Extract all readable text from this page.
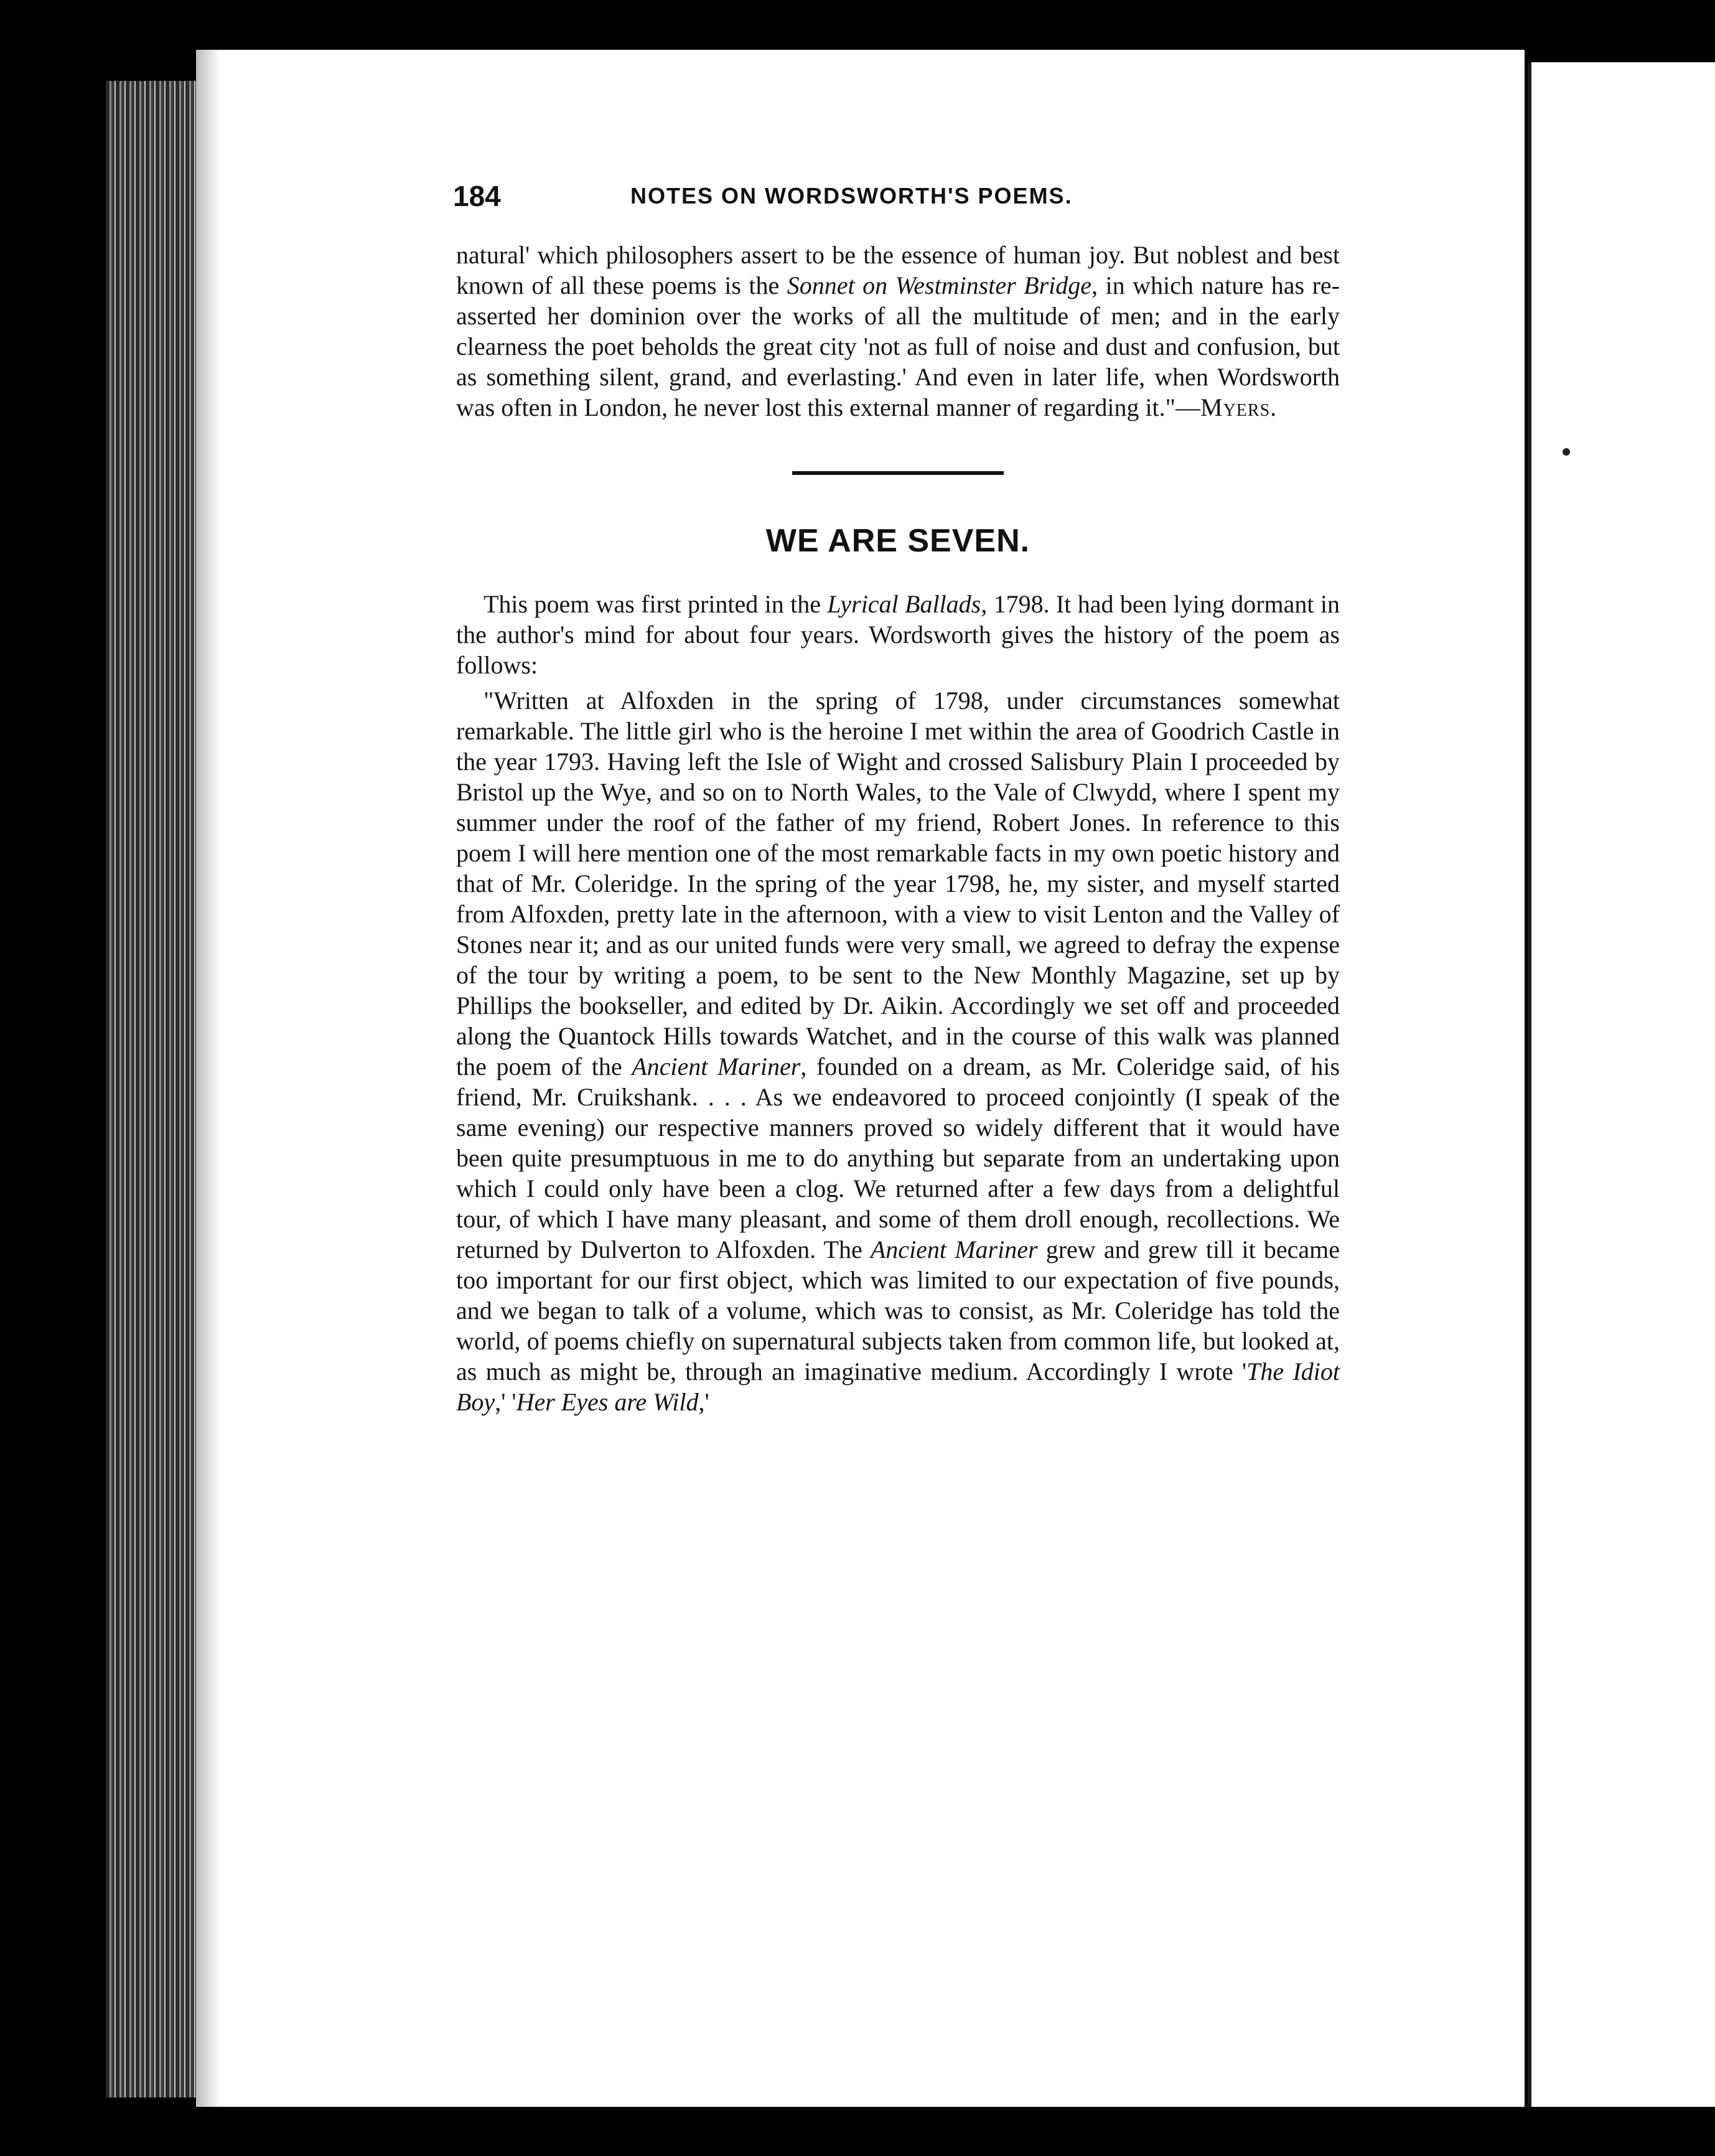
184	NOTES ON WORDSWORTH'S POEMS.

natural' which philosophers assert to be the essence of human joy. But noblest and best known of all these poems is the Sonnet on Westminster Bridge, in which nature has re-asserted her dominion over the works of all the multitude of men; and in the early clearness the poet beholds the great city 'not as full of noise and dust and confusion, but as something silent, grand, and everlasting.' And even in later life, when Wordsworth was often in London, he never lost this external manner of regarding it."—Myers.

WE ARE SEVEN.

This poem was first printed in the Lyrical Ballads, 1798. It had been lying dormant in the author's mind for about four years. Wordsworth gives the history of the poem as follows:

"Written at Alfoxden in the spring of 1798, under circumstances somewhat remarkable. The little girl who is the heroine I met within the area of Goodrich Castle in the year 1793. Having left the Isle of Wight and crossed Salisbury Plain I proceeded by Bristol up the Wye, and so on to North Wales, to the Vale of Clwydd, where I spent my summer under the roof of the father of my friend, Robert Jones. In reference to this poem I will here mention one of the most remarkable facts in my own poetic history and that of Mr. Coleridge. In the spring of the year 1798, he, my sister, and myself started from Alfoxden, pretty late in the afternoon, with a view to visit Lenton and the Valley of Stones near it; and as our united funds were very small, we agreed to defray the expense of the tour by writing a poem, to be sent to the New Monthly Magazine, set up by Phillips the bookseller, and edited by Dr. Aikin. Accordingly we set off and proceeded along the Quantock Hills towards Watchet, and in the course of this walk was planned the poem of the Ancient Mariner, founded on a dream, as Mr. Coleridge said, of his friend, Mr. Cruikshank. . . . As we endeavored to proceed conjointly (I speak of the same evening) our respective manners proved so widely different that it would have been quite presumptuous in me to do anything but separate from an undertaking upon which I could only have been a clog. We returned after a few days from a delightful tour, of which I have many pleasant, and some of them droll enough, recollections. We returned by Dulverton to Alfoxden. The Ancient Mariner grew and grew till it became too important for our first object, which was limited to our expectation of five pounds, and we began to talk of a volume, which was to consist, as Mr. Coleridge has told the world, of poems chiefly on supernatural subjects taken from common life, but looked at, as much as might be, through an imaginative medium. Accordingly I wrote 'The Idiot Boy,' 'Her Eyes are Wild,'
